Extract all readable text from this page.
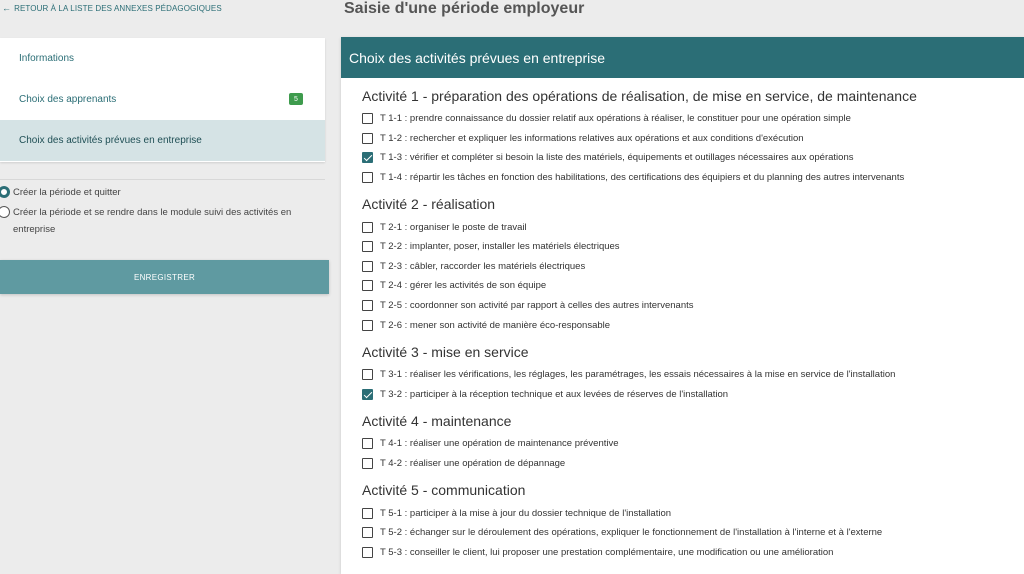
← RETOUR À LA LISTE DES ANNEXES PÉDAGOGIQUES	Saisie d'une période employeur
Informations
Choix des apprenants	5
Choix des activités prévues en entreprise
Créer la période et quitter
Créer la période et se rendre dans le module suivi des activités en entreprise
ENREGISTRER
Choix des activités prévues en entreprise
Activité 1 - préparation des opérations de réalisation, de mise en service, de maintenance
T 1-1 : prendre connaissance du dossier relatif aux opérations à réaliser, le constituer pour une opération simple
T 1-2 : rechercher et expliquer les informations relatives aux opérations et aux conditions d'exécution
T 1-3 : vérifier et compléter si besoin la liste des matériels, équipements et outillages nécessaires aux opérations
T 1-4 : répartir les tâches en fonction des habilitations, des certifications des équipiers et du planning des autres intervenants
Activité 2 - réalisation
T 2-1 : organiser le poste de travail
T 2-2 : implanter, poser, installer les matériels électriques
T 2-3 : câbler, raccorder les matériels électriques
T 2-4 : gérer les activités de son équipe
T 2-5 : coordonner son activité par rapport à celles des autres intervenants
T 2-6 : mener son activité de manière éco-responsable
Activité 3 - mise en service
T 3-1 : réaliser les vérifications, les réglages, les paramétrages, les essais nécessaires à la mise en service de l'installation
T 3-2 : participer à la réception technique et aux levées de réserves de l'installation
Activité 4 - maintenance
T 4-1 : réaliser une opération de maintenance préventive
T 4-2 : réaliser une opération de dépannage
Activité 5 - communication
T 5-1 : participer à la mise à jour du dossier technique de l'installation
T 5-2 : échanger sur le déroulement des opérations, expliquer le fonctionnement de l'installation à l'interne et à l'externe
T 5-3 : conseiller le client, lui proposer une prestation complémentaire, une modification ou une amélioration
